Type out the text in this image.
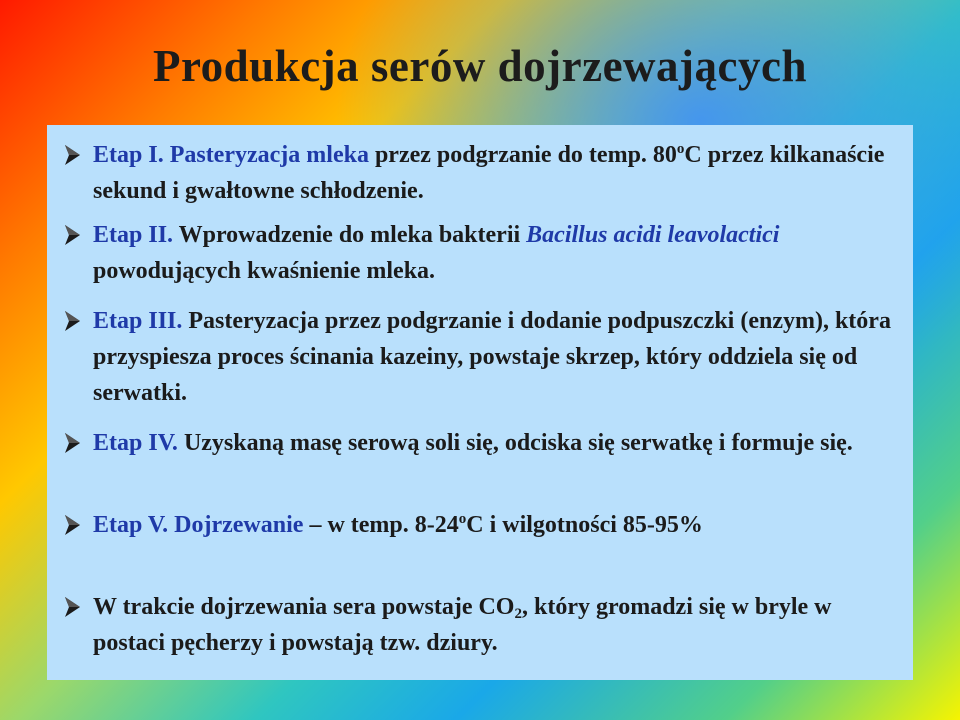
Produkcja serów dojrzewających
Etap I. Pasteryzacja mleka przez podgrzanie do temp. 80$^o$C przez kilkanaście sekund i gwałtowne schłodzenie.
Etap II. Wprowadzenie do mleka bakterii Bacillus acidi leavolactici powodujących kwaśnienie mleka.
Etap III. Pasteryzacja przez podgrzanie i dodanie podpuszczki (enzym), która przyspiesza proces ścinania kazeiny, powstaje skrzep, który oddziela się od serwatki.
Etap IV. Uzyskaną masę serową soli się, odciska się serwatkę i formuje się.
Etap V. Dojrzewanie – w temp. 8-24$^o$C i wilgotności 85-95%
W trakcie dojrzewania sera powstaje $CO_2$, który gromadzi się w bryle w postaci pęcherzy i powstają tzw. dziury.
